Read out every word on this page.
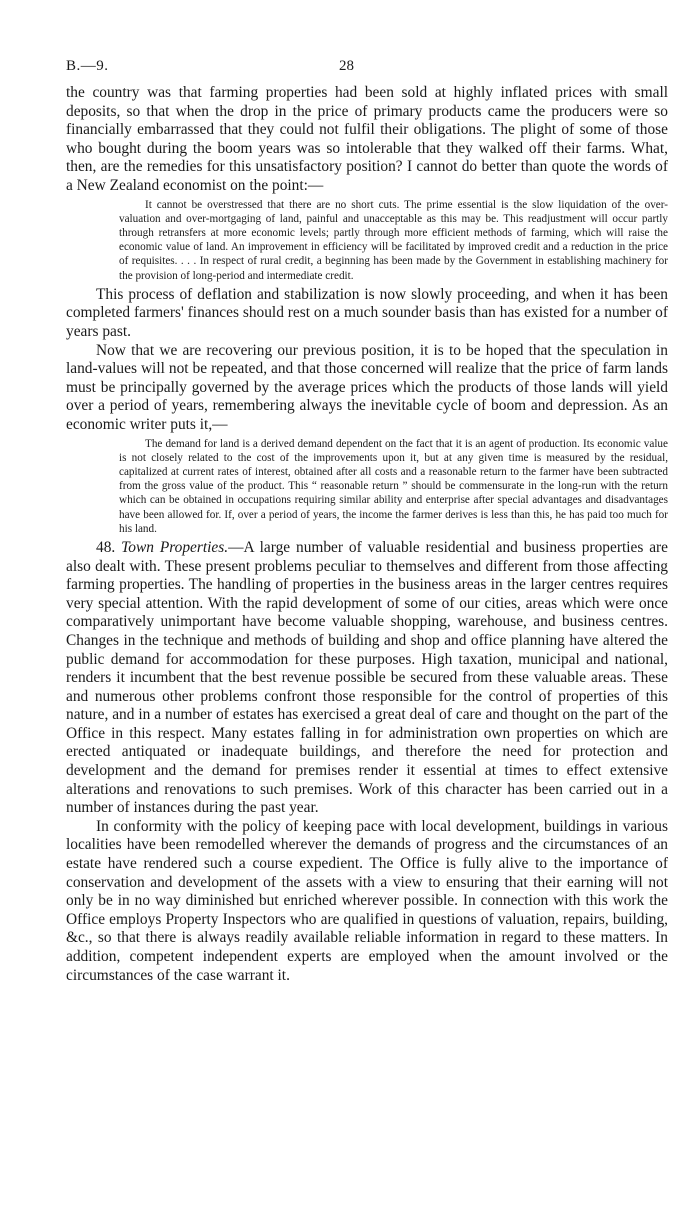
B.—9.	28

the country was that farming properties had been sold at highly inflated prices with small deposits, so that when the drop in the price of primary products came the producers were so financially embarrassed that they could not fulfil their obligations. The plight of some of those who bought during the boom years was so intolerable that they walked off their farms. What, then, are the remedies for this unsatisfactory position? I cannot do better than quote the words of a New Zealand economist on the point:—

It cannot be overstressed that there are no short cuts. The prime essential is the slow liquidation of the over-valuation and over-mortgaging of land, painful and unacceptable as this may be. This readjustment will occur partly through retransfers at more economic levels; partly through more efficient methods of farming, which will raise the economic value of land. An improvement in efficiency will be facilitated by improved credit and a reduction in the price of requisites. . . . In respect of rural credit, a beginning has been made by the Government in establishing machinery for the provision of long-period and intermediate credit.

This process of deflation and stabilization is now slowly proceeding, and when it has been completed farmers' finances should rest on a much sounder basis than has existed for a number of years past.

Now that we are recovering our previous position, it is to be hoped that the speculation in land-values will not be repeated, and that those concerned will realize that the price of farm lands must be principally governed by the average prices which the products of those lands will yield over a period of years, remembering always the inevitable cycle of boom and depression. As an economic writer puts it,—

The demand for land is a derived demand dependent on the fact that it is an agent of production. Its economic value is not closely related to the cost of the improvements upon it, but at any given time is measured by the residual, capitalized at current rates of interest, obtained after all costs and a reasonable return to the farmer have been subtracted from the gross value of the product. This “ reasonable return ” should be commensurate in the long-run with the return which can be obtained in occupations requiring similar ability and enterprise after special advantages and disadvantages have been allowed for. If, over a period of years, the income the farmer derives is less than this, he has paid too much for his land.

48. Town Properties.—A large number of valuable residential and business properties are also dealt with. These present problems peculiar to themselves and different from those affecting farming properties. The handling of properties in the business areas in the larger centres requires very special attention. With the rapid development of some of our cities, areas which were once comparatively unimportant have become valuable shopping, warehouse, and business centres. Changes in the technique and methods of building and shop and office planning have altered the public demand for accommodation for these purposes. High taxation, municipal and national, renders it incumbent that the best revenue possible be secured from these valuable areas. These and numerous other problems confront those responsible for the control of properties of this nature, and in a number of estates has exercised a great deal of care and thought on the part of the Office in this respect. Many estates falling in for administration own properties on which are erected antiquated or inadequate buildings, and therefore the need for protection and development and the demand for premises render it essential at times to effect extensive alterations and renovations to such premises. Work of this character has been carried out in a number of instances during the past year.

In conformity with the policy of keeping pace with local development, buildings in various localities have been remodelled wherever the demands of progress and the circumstances of an estate have rendered such a course expedient. The Office is fully alive to the importance of conservation and development of the assets with a view to ensuring that their earning will not only be in no way diminished but enriched wherever possible. In connection with this work the Office employs Property Inspectors who are qualified in questions of valuation, repairs, building, &c., so that there is always readily available reliable information in regard to these matters. In addition, competent independent experts are employed when the amount involved or the circumstances of the case warrant it.
